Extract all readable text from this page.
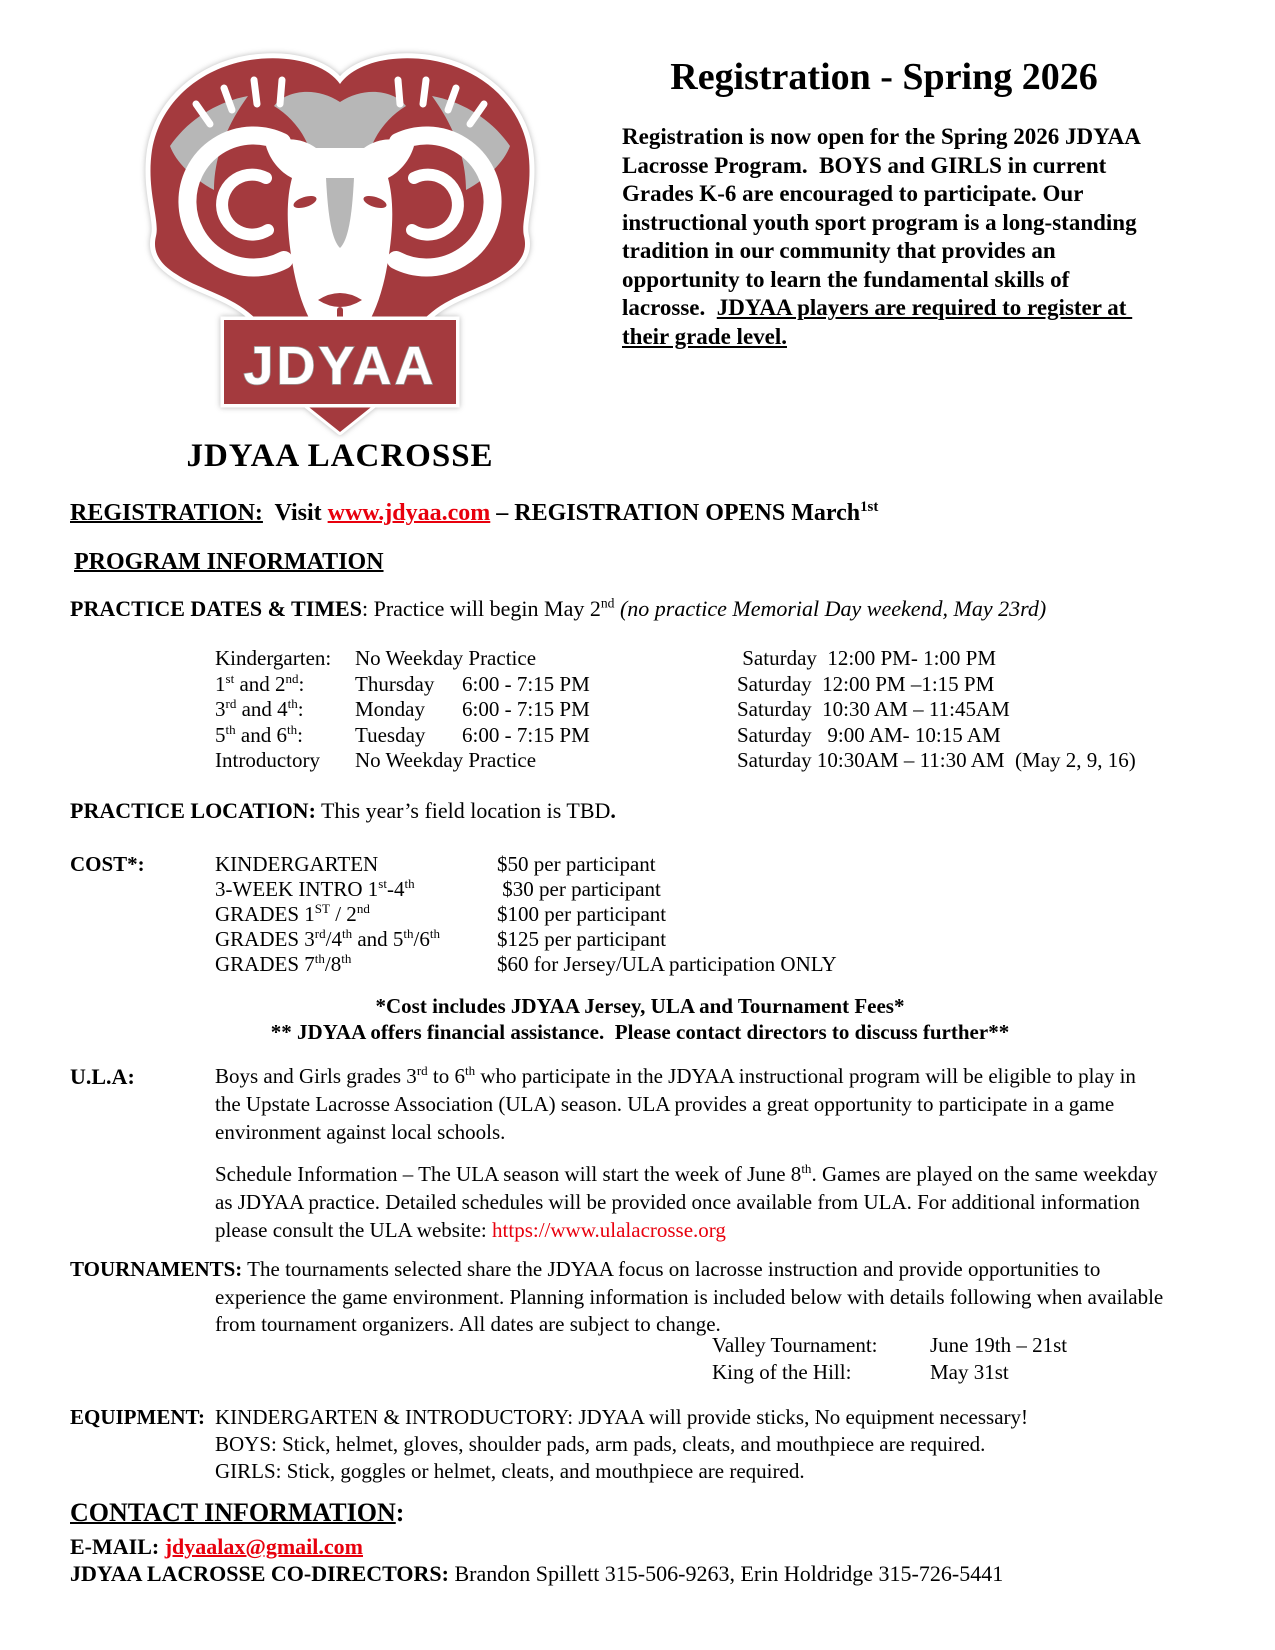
JDYAA
JDYAA LACROSSE
Registration - Spring 2026
Registration is now open for the Spring 2026 JDYAA Lacrosse Program.  BOYS and GIRLS in current Grades K-6 are encouraged to participate. Our instructional youth sport program is a long-standing tradition in our community that provides an opportunity to learn the fundamental skills of lacrosse.  JDYAA players are required to register at their grade level.
REGISTRATION:  Visit www.jdyaa.com – REGISTRATION OPENS March$^{1st}$
PROGRAM INFORMATION
PRACTICE DATES & TIMES: Practice will begin May 2nd (no practice Memorial Day weekend, May 23rd)
Kindergarten:	No Weekday Practice	Saturday  12:00 PM- 1:00 PM
1st and 2nd:	Thursday	6:00 - 7:15 PM	Saturday  12:00 PM –1:15 PM
3rd and 4th:	Monday	6:00 - 7:15 PM	Saturday  10:30 AM – 11:45AM
5th and 6th:	Tuesday	6:00 - 7:15 PM	Saturday   9:00 AM- 10:15 AM
Introductory	No Weekday Practice	Saturday 10:30AM – 11:30 AM  (May 2, 9, 16)
PRACTICE LOCATION: This year’s field location is TBD.
COST*:	KINDERGARTEN	$50 per participant
3-WEEK INTRO 1st-4th	$30 per participant
GRADES 1ST / 2nd	$100 per participant
GRADES 3rd/4th and 5th/6th	$125 per participant
GRADES 7th/8th	$60 for Jersey/ULA participation ONLY
*Cost includes JDYAA Jersey, ULA and Tournament Fees*
** JDYAA offers financial assistance.  Please contact directors to discuss further**
U.L.A:	Boys and Girls grades 3rd to 6th who participate in the JDYAA instructional program will be eligible to play in the Upstate Lacrosse Association (ULA) season. ULA provides a great opportunity to participate in a game environment against local schools.
Schedule Information – The ULA season will start the week of June 8th. Games are played on the same weekday as JDYAA practice. Detailed schedules will be provided once available from ULA. For additional information please consult the ULA website: https://www.ulalacrosse.org
TOURNAMENTS: The tournaments selected share the JDYAA focus on lacrosse instruction and provide opportunities to experience the game environment. Planning information is included below with details following when available from tournament organizers. All dates are subject to change.
Valley Tournament:	June 19th – 21st
King of the Hill:	May 31st
EQUIPMENT: KINDERGARTEN & INTRODUCTORY: JDYAA will provide sticks, No equipment necessary!
BOYS: Stick, helmet, gloves, shoulder pads, arm pads, cleats, and mouthpiece are required.
GIRLS: Stick, goggles or helmet, cleats, and mouthpiece are required.
CONTACT INFORMATION:
E-MAIL: jdyaalax@gmail.com
JDYAA LACROSSE CO-DIRECTORS: Brandon Spillett 315-506-9263, Erin Holdridge 315-726-5441
